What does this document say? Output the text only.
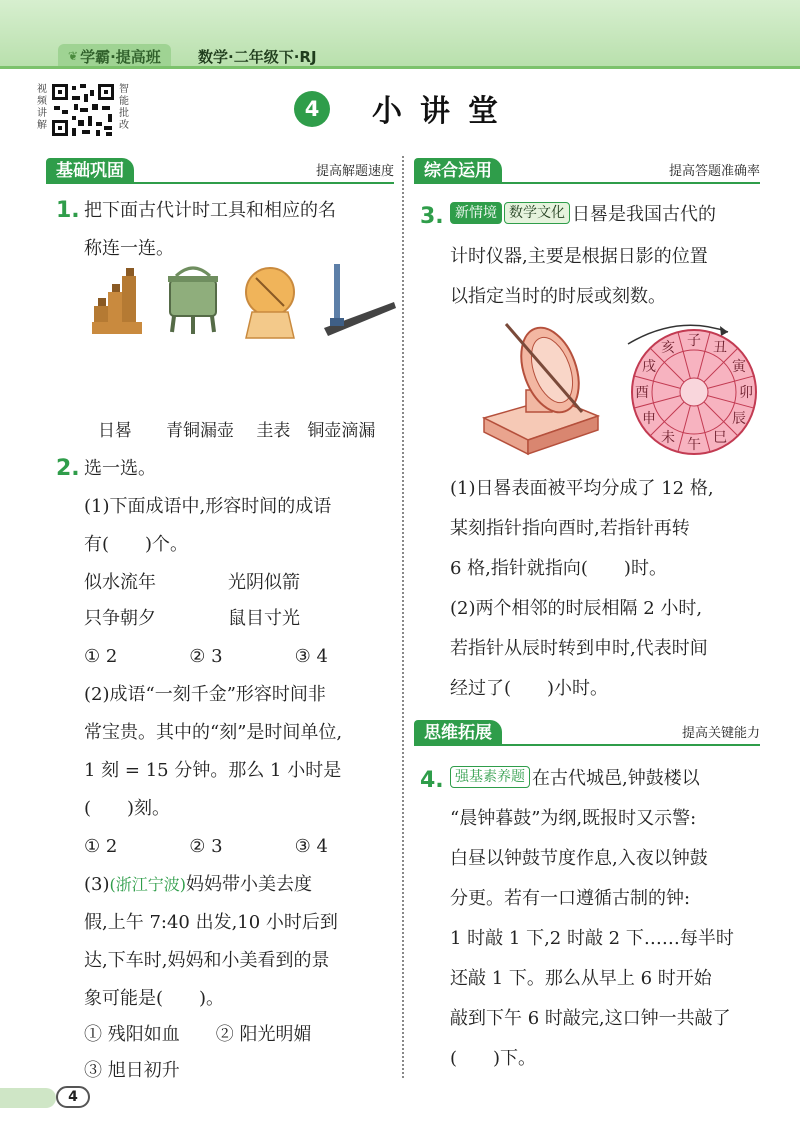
❦ 学霸·提高班 数学·二年级下·RJ
视频讲解
智能批改
4	小讲堂
基础巩固	提高解题速度	综合运用	提高答题准确率
思维拓展	提高关键能力
1. 把下面古代计时工具和相应的名
称连一连。
日晷　　青铜漏壶　 圭表　铜壶滴漏
2. 选一选。
(1)下面成语中,形容时间的成语
有(　　)个。
似水流年　　　　光阴似箭
只争朝夕　　　　鼠目寸光
① 2　　　　② 3　　　　③ 4
(2)成语“一刻千金”形容时间非
常宝贵。其中的“刻”是时间单位,
1 刻 = 15 分钟。那么 1 小时是
(　　)刻。
① 2　　　　② 3　　　　③ 4
(3)(浙江宁波)妈妈带小美去度
假,上午 7:40 出发,10 小时后到
达,下车时,妈妈和小美看到的景
象可能是(　　)。
① 残阳如血　　② 阳光明媚
③ 旭日初升
3. 新情境 数学文化 日晷是我国古代的
计时仪器,主要是根据日影的位置
以指定当时的时辰或刻数。
子 丑
寅
卯
辰
巳
午
未
申
酉
戌
亥
(1)日晷表面被平均分成了 12 格,
某刻指针指向酉时,若指针再转
6 格,指针就指向(　　)时。
(2)两个相邻的时辰相隔 2 小时,
若指针从辰时转到申时,代表时间
经过了(　　)小时。
4. 强基素养题 在古代城邑,钟鼓楼以
“晨钟暮鼓”为纲,既报时又示警:
白昼以钟鼓节度作息,入夜以钟鼓
分更。若有一口遵循古制的钟:
1 时敲 1 下,2 时敲 2 下……每半时
还敲 1 下。那么从早上 6 时开始
敲到下午 6 时敲完,这口钟一共敲了
(　　)下。
4
